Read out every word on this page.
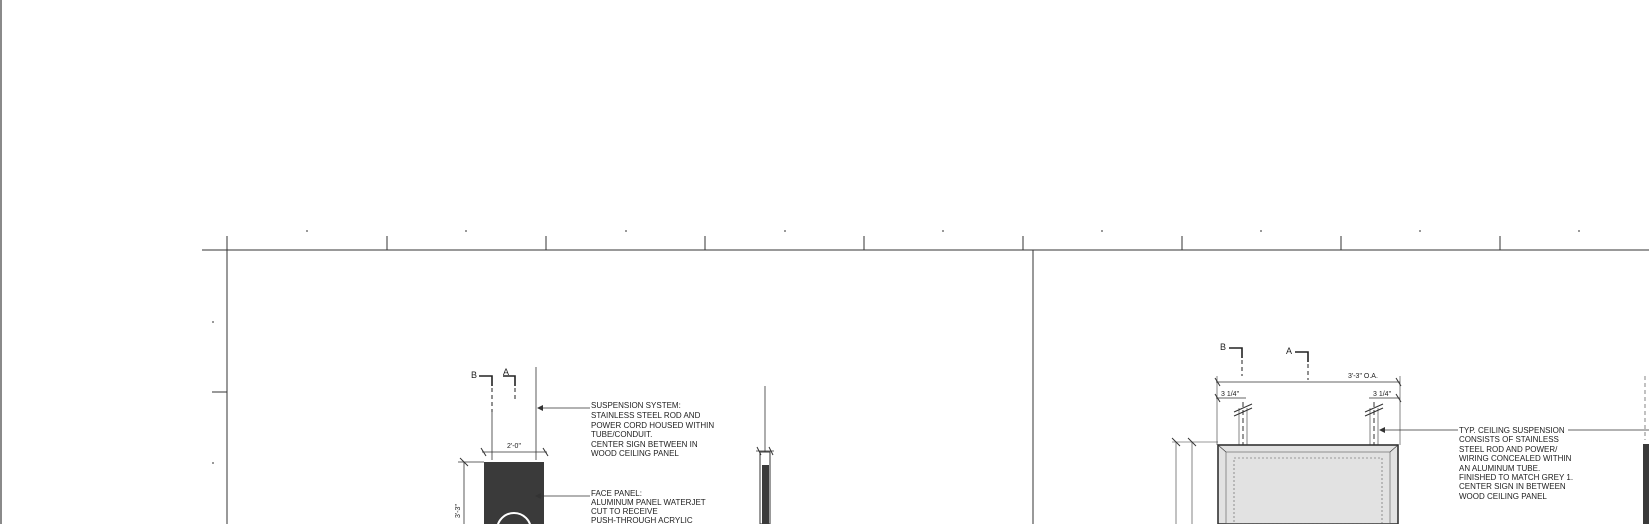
B	A
2'-0"
3'-3"
SUSPENSION SYSTEM:
STAINLESS STEEL ROD AND
POWER CORD HOUSED WITHIN
TUBE/CONDUIT.
CENTER SIGN BETWEEN IN
WOOD CEILING PANEL
FACE PANEL:
ALUMINUM PANEL WATERJET
CUT TO RECEIVE
PUSH-THROUGH ACRYLIC
B	A
3'-3" O.A.
3 1/4"	3 1/4"
TYP. CEILING SUSPENSION
CONSISTS OF STAINLESS
STEEL ROD AND POWER/
WIRING CONCEALED WITHIN
AN ALUMINUM TUBE.
FINISHED TO MATCH GREY 1.
CENTER SIGN IN BETWEEN
WOOD CEILING PANEL
